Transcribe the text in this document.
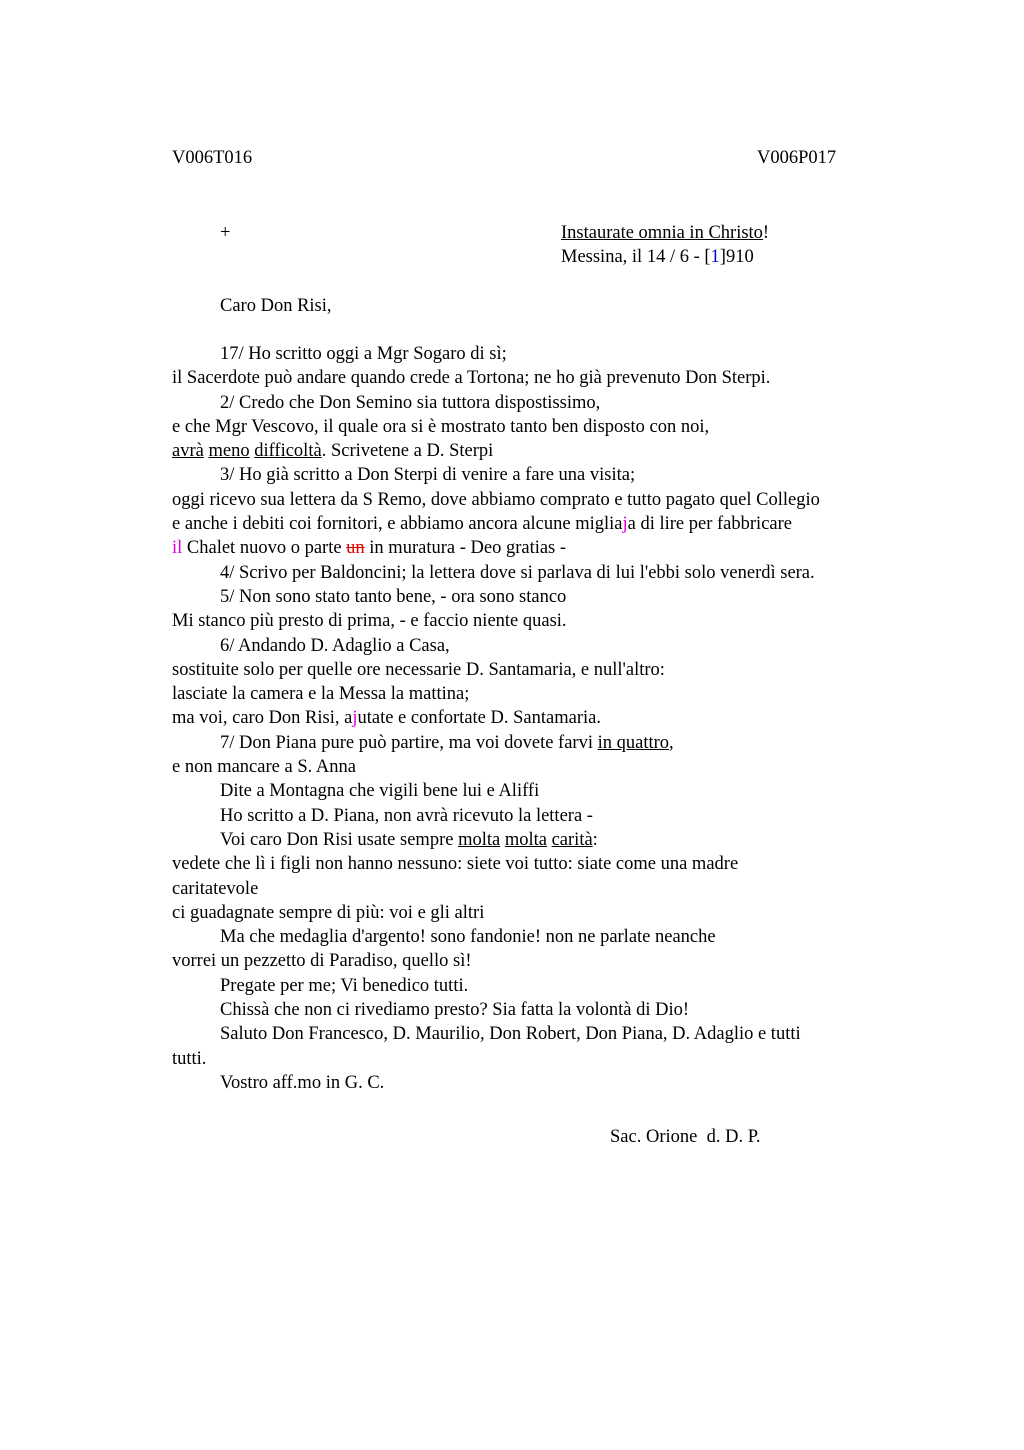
V006T016	V006P017
+	Instaurate omnia in Christo!
Messina, il 14 / 6 - [1]910
Caro Don Risi,
17/ Ho scritto oggi a Mgr Sogaro di sì;
il Sacerdote può andare quando crede a Tortona; ne ho già prevenuto Don Sterpi.
2/ Credo che Don Semino sia tuttora dispostissimo,
e che Mgr Vescovo, il quale ora si è mostrato tanto ben disposto con noi,
avrà meno difficoltà. Scrivetene a D. Sterpi
3/ Ho già scritto a Don Sterpi di venire a fare una visita;
oggi ricevo sua lettera da S Remo, dove abbiamo comprato e tutto pagato quel Collegio
e anche i debiti coi fornitori, e abbiamo ancora alcune migliaja di lire per fabbricare
il Chalet nuovo o parte un in muratura - Deo gratias -
4/ Scrivo per Baldoncini; la lettera dove si parlava di lui l'ebbi solo venerdì sera.
5/ Non sono stato tanto bene, - ora sono stanco
Mi stanco più presto di prima, - e faccio niente quasi.
6/ Andando D. Adaglio a Casa,
sostituite solo per quelle ore necessarie D. Santamaria, e null'altro:
lasciate la camera e la Messa la mattina;
ma voi, caro Don Risi, ajutate e confortate D. Santamaria.
7/ Don Piana pure può partire, ma voi dovete farvi in quattro,
e non mancare a S. Anna
Dite a Montagna che vigili bene lui e Aliffi
Ho scritto a D. Piana, non avrà ricevuto la lettera -
Voi caro Don Risi usate sempre molta molta carità:
vedete che lì i figli non hanno nessuno: siete voi tutto: siate come una madre
caritatevole
ci guadagnate sempre di più: voi e gli altri
Ma che medaglia d'argento! sono fandonie! non ne parlate neanche
vorrei un pezzetto di Paradiso, quello sì!
Pregate per me; Vi benedico tutti.
Chissà che non ci rivediamo presto? Sia fatta la volontà di Dio!
Saluto Don Francesco, D. Maurilio, Don Robert, Don Piana, D. Adaglio e tutti
tutti.
Vostro aff.mo in G. C.
Sac. Orione  d. D. P.
